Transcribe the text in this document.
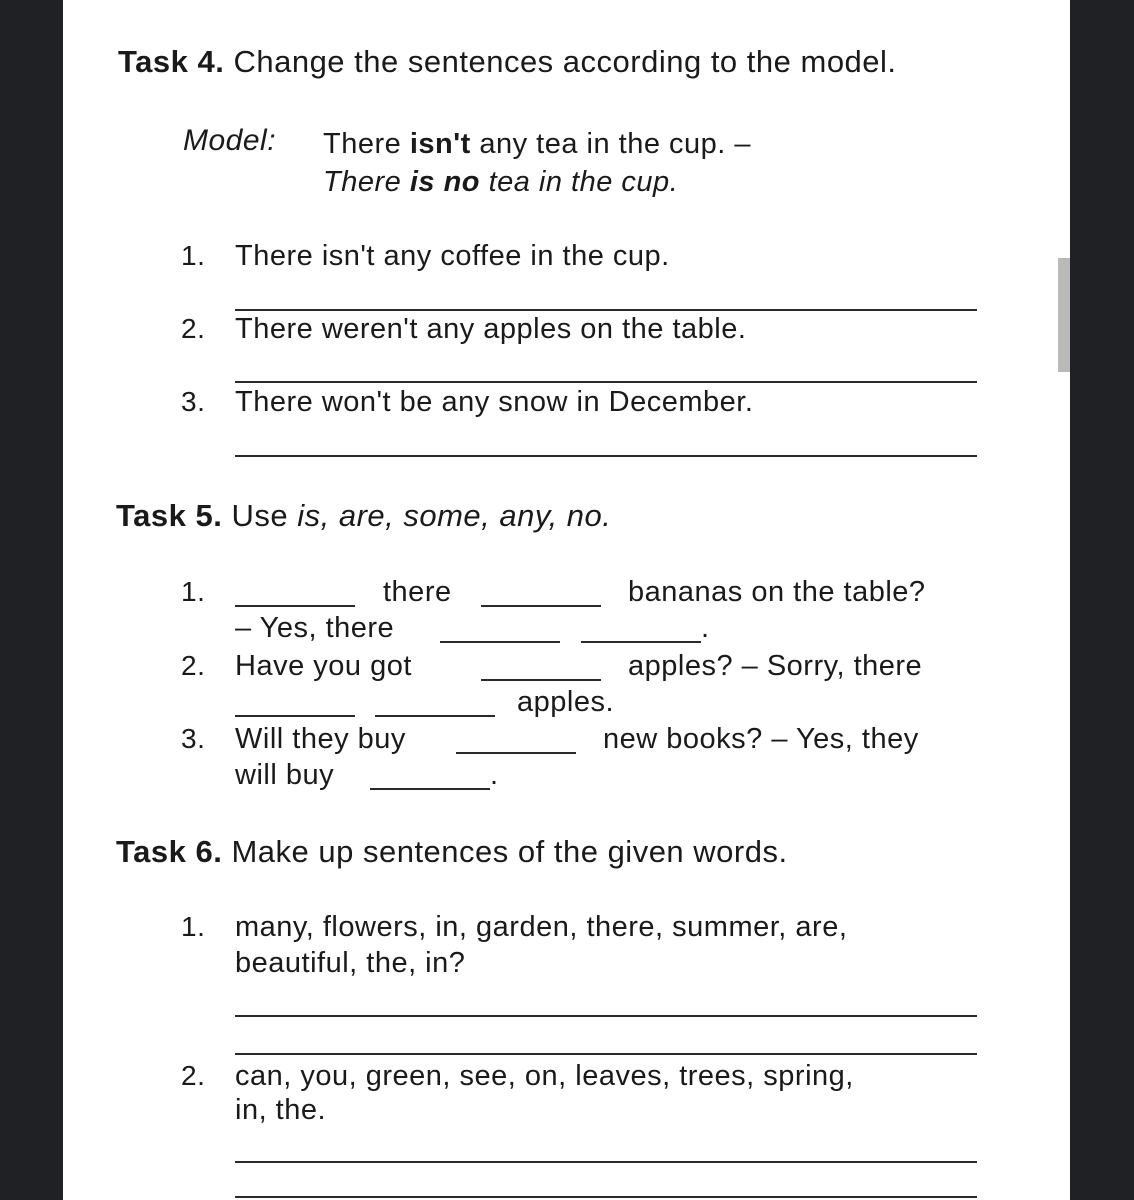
Task 4. Change the sentences according to the model.
Model: There isn't any tea in the cup. –
There is no tea in the cup.
1. There isn't any coffee in the cup.
2. There weren't any apples on the table.
3. There won't be any snow in December.
Task 5. Use is, are, some, any, no.
1.	there	bananas on the table?
– Yes, there	.
2. Have you got	apples? – Sorry, there
apples.
3. Will they buy	new books? – Yes, they
will buy	.
Task 6. Make up sentences of the given words.
1. many, flowers, in, garden, there, summer, are,
beautiful, the, in?
2. can, you, green, see, on, leaves, trees, spring,
in, the.
